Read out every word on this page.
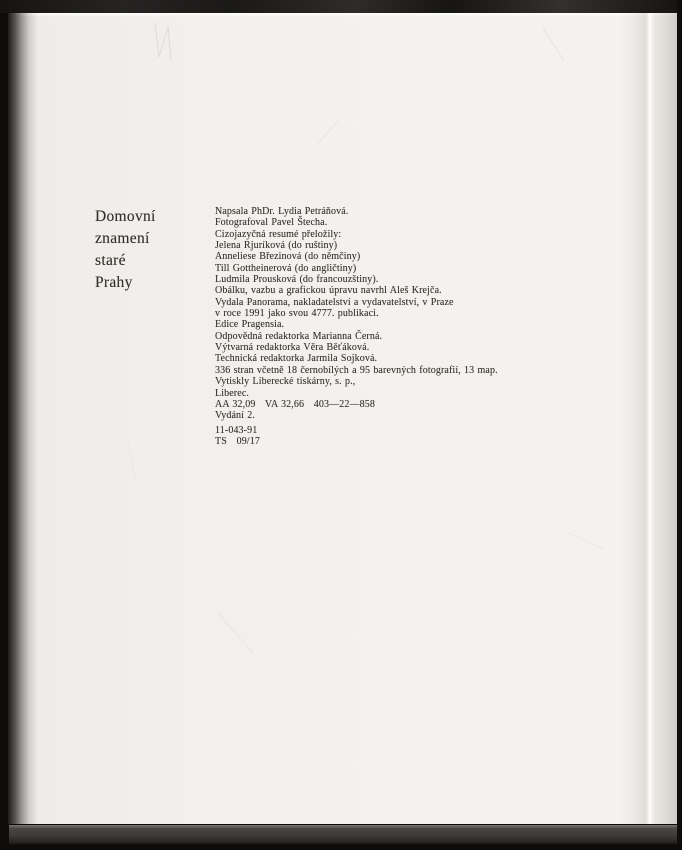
Domovní
znamení
staré
Prahy
Napsala PhDr. Lydia Petráňová.
Fotografoval Pavel Štecha.
Cizojazyčná resumé přeložily:
Jelena Rjuríková (do ruštiny)
Anneliese Březinová (do němčiny)
Till Gottheinerová (do angličtiny)
Ludmila Prousková (do francouzštiny).
Obálku, vazbu a grafickou úpravu navrhl Aleš Krejča.
Vydala Panorama, nakladatelství a vydavatelství, v Praze
v roce 1991 jako svou 4777. publikaci.
Edice Pragensia.
Odpovědná redaktorka Marianna Černá.
Výtvarná redaktorka Věra Běťáková.
Technická redaktorka Jarmila Sojková.
336 stran včetně 18 černobílých a 95 barevných fotografií, 13 map.
Vytiskly Liberecké tiskárny, s. p.,
Liberec.
AA 32,09   VA 32,66   403—22—858
Vydání 2.
11-043-91
TS   09/17
